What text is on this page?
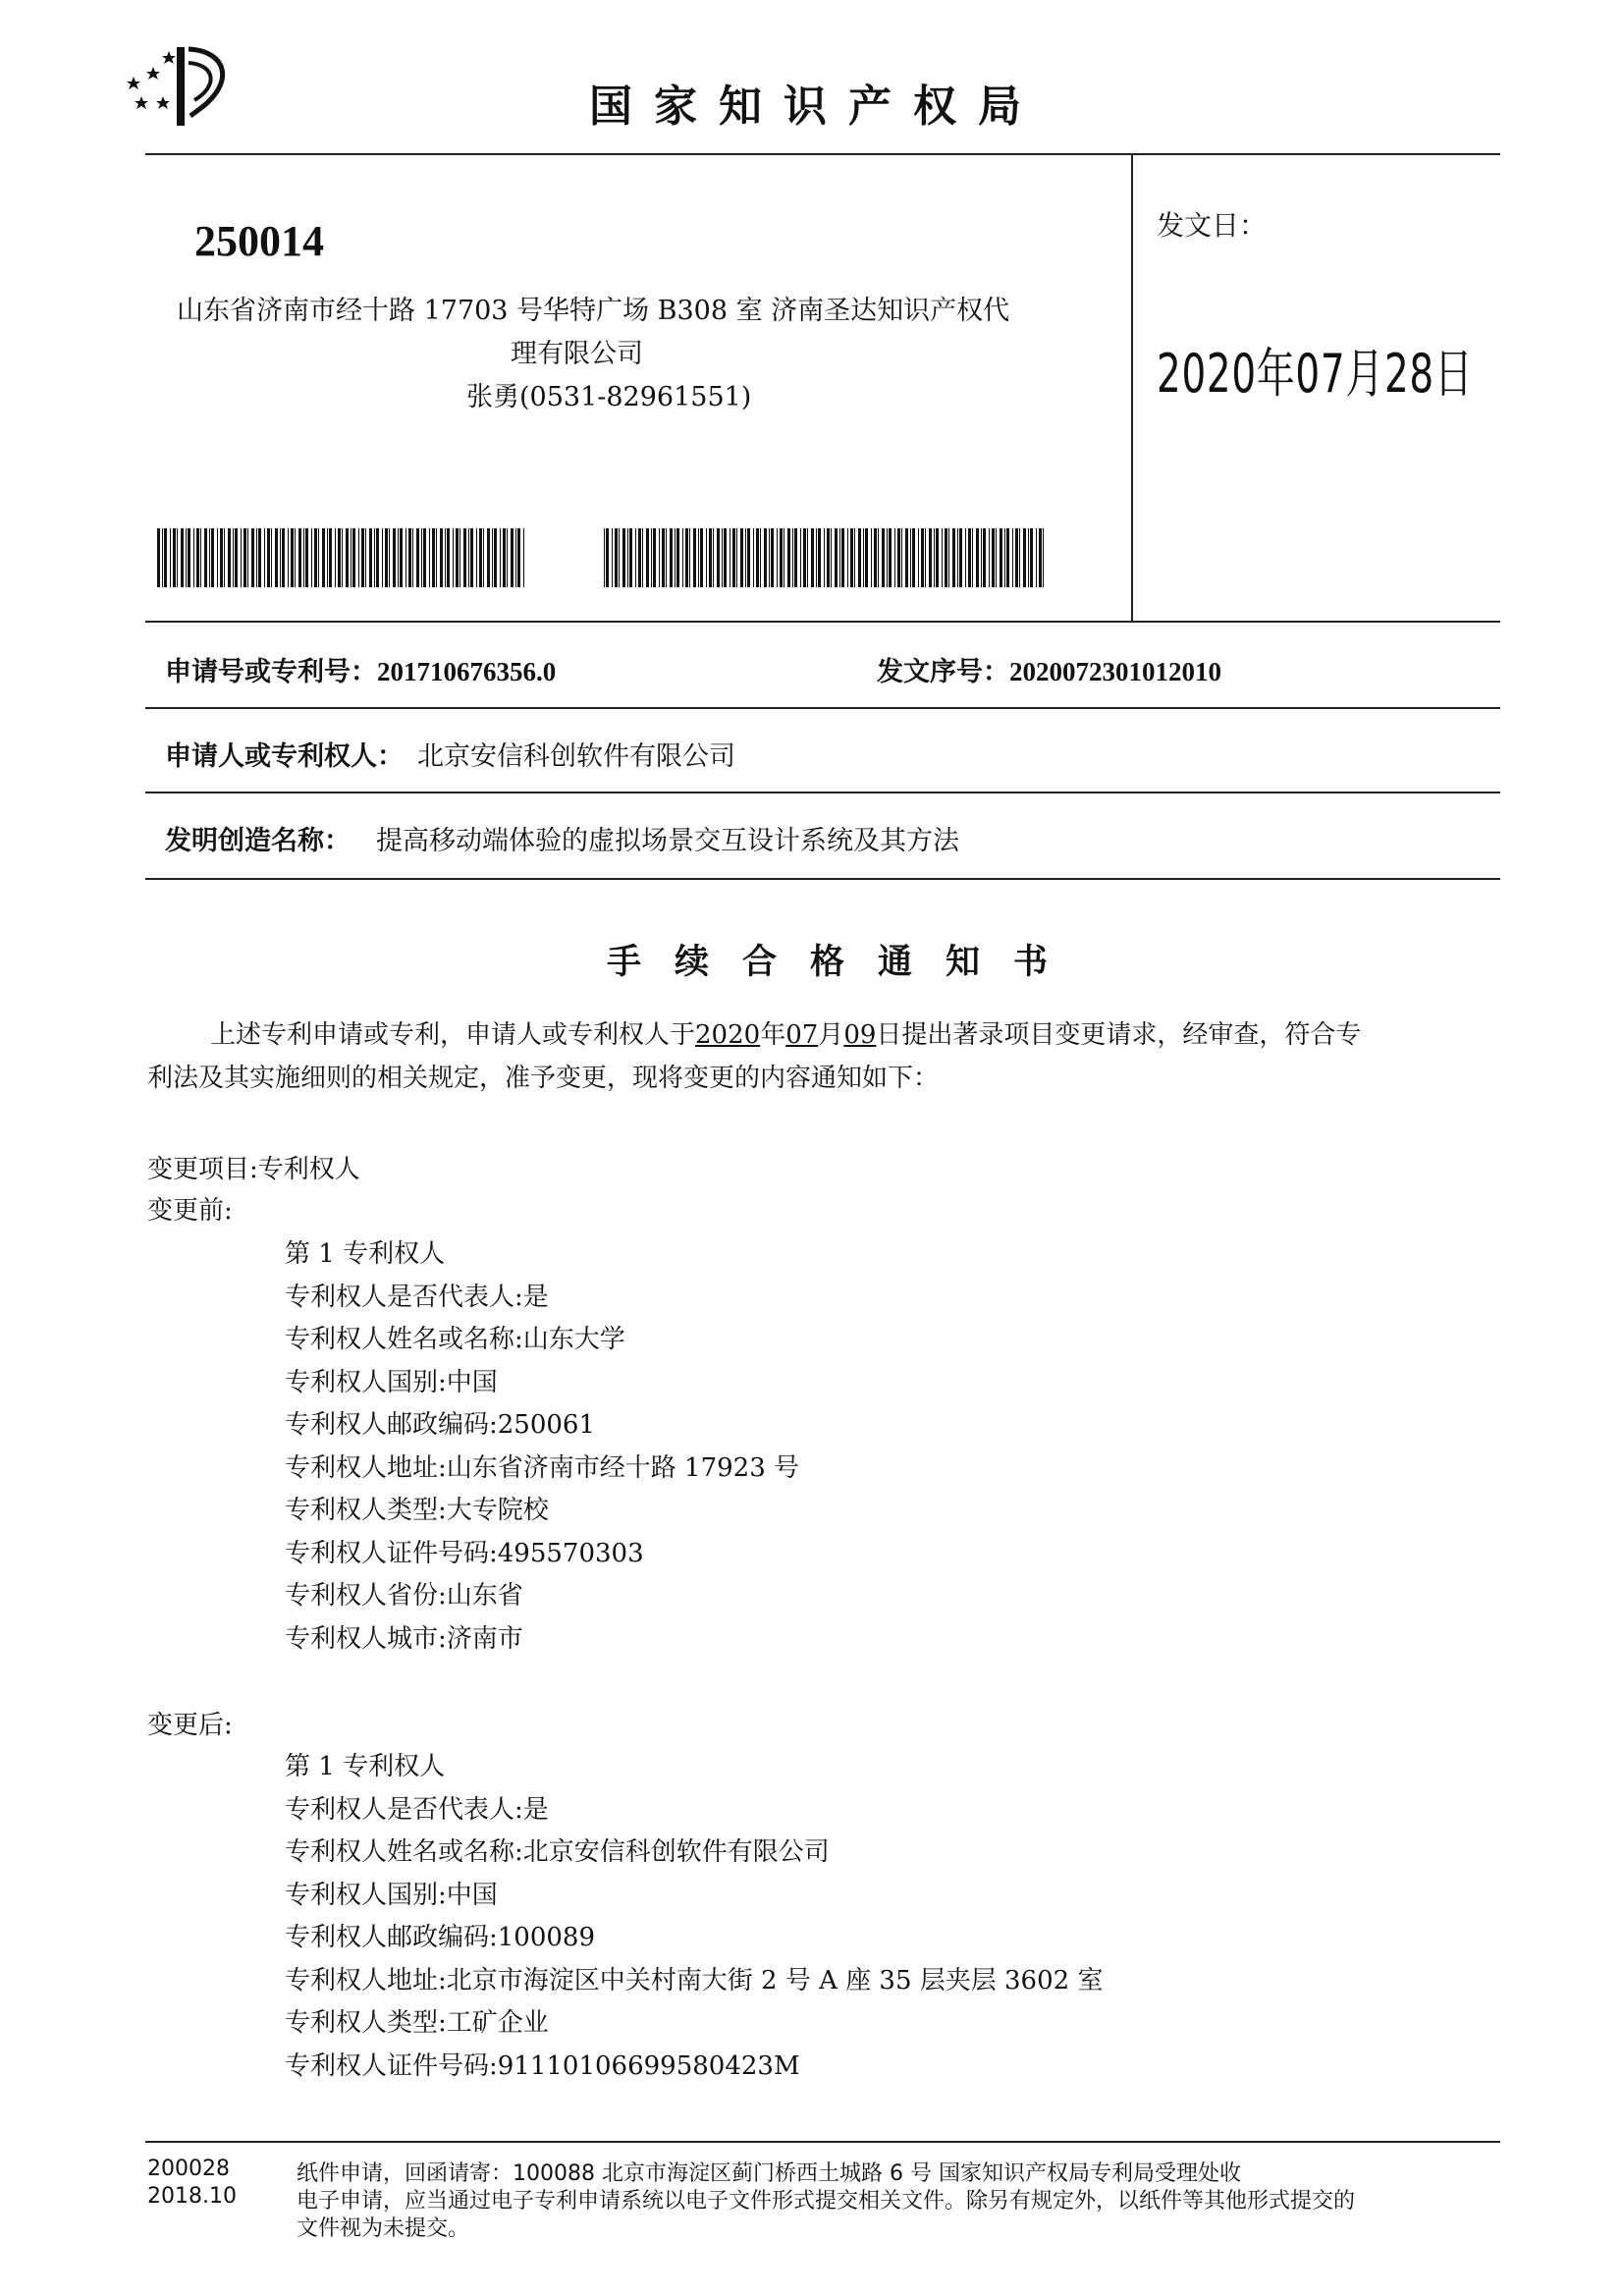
国家知识产权局
250014
山东省济南市经十路 17703 号华特广场 B308 室 济南圣达知识产权代
理有限公司
张勇(0531-82961551)
发文日：
2020年07月28日
申请号或专利号：201710676356.0	发文序号：2020072301012010
申请人或专利权人： 北京安信科创软件有限公司
发明创造名称： 提高移动端体验的虚拟场景交互设计系统及其方法
手续合格通知书
上述专利申请或专利，申请人或专利权人于2020年07月09日提出著录项目变更请求，经审查，符合专
利法及其实施细则的相关规定，准予变更，现将变更的内容通知如下：
变更项目:专利权人
变更前:
第 1 专利权人
专利权人是否代表人:是
专利权人姓名或名称:山东大学
专利权人国别:中国
专利权人邮政编码:250061
专利权人地址:山东省济南市经十路 17923 号
专利权人类型:大专院校
专利权人证件号码:495570303
专利权人省份:山东省
专利权人城市:济南市
变更后:
第 1 专利权人
专利权人是否代表人:是
专利权人姓名或名称:北京安信科创软件有限公司
专利权人国别:中国
专利权人邮政编码:100089
专利权人地址:北京市海淀区中关村南大街 2 号 A 座 35 层夹层 3602 室
专利权人类型:工矿企业
专利权人证件号码:91110106699580423M
200028
2018.10
纸件申请，回函请寄：100088 北京市海淀区蓟门桥西土城路 6 号 国家知识产权局专利局受理处收
电子申请，应当通过电子专利申请系统以电子文件形式提交相关文件。除另有规定外，以纸件等其他形式提交的
文件视为未提交。
